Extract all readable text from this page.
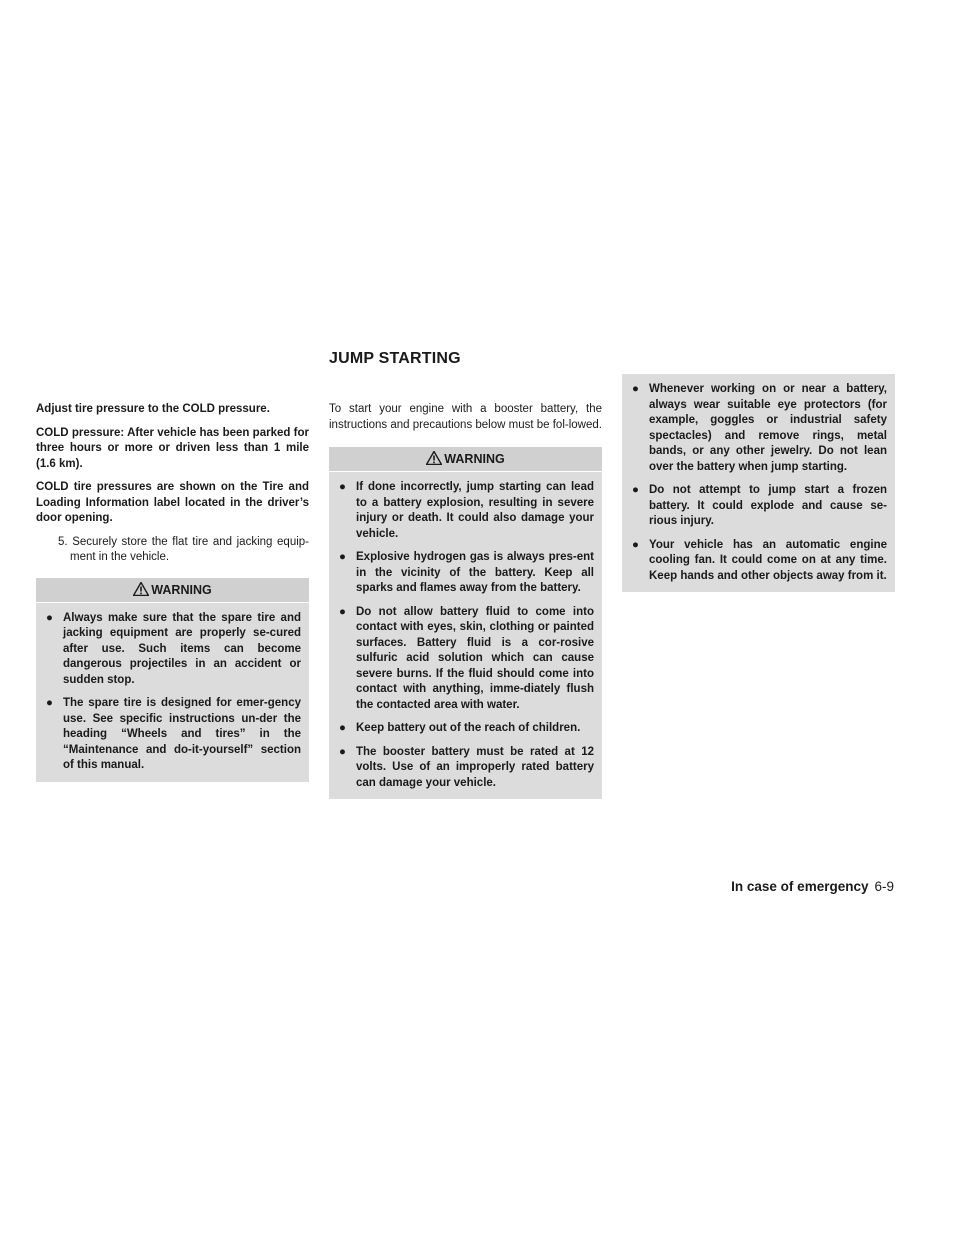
JUMP STARTING

Adjust tire pressure to the COLD pressure.

COLD pressure: After vehicle has been parked for three hours or more or driven less than 1 mile (1.6 km).

COLD tire pressures are shown on the Tire and Loading Information label located in the driver’s door opening.

5. Securely store the flat tire and jacking equip-ment in the vehicle.

WARNING
● Always make sure that the spare tire and jacking equipment are properly se-cured after use. Such items can become dangerous projectiles in an accident or sudden stop.
● The spare tire is designed for emer-gency use. See specific instructions un-der the heading “Wheels and tires” in the “Maintenance and do-it-yourself” section of this manual.

To start your engine with a booster battery, the instructions and precautions below must be fol-lowed.

WARNING
● If done incorrectly, jump starting can lead to a battery explosion, resulting in severe injury or death. It could also damage your vehicle.
● Explosive hydrogen gas is always pres-ent in the vicinity of the battery. Keep all sparks and flames away from the battery.
● Do not allow battery fluid to come into contact with eyes, skin, clothing or painted surfaces. Battery fluid is a cor-rosive sulfuric acid solution which can cause severe burns. If the fluid should come into contact with anything, imme-diately flush the contacted area with water.
● Keep battery out of the reach of children.
● The booster battery must be rated at 12 volts. Use of an improperly rated battery can damage your vehicle.
● Whenever working on or near a battery, always wear suitable eye protectors (for example, goggles or industrial safety spectacles) and remove rings, metal bands, or any other jewelry. Do not lean over the battery when jump starting.
● Do not attempt to jump start a frozen battery. It could explode and cause se-rious injury.
● Your vehicle has an automatic engine cooling fan. It could come on at any time. Keep hands and other objects away from it.
In case of emergency 6-9
